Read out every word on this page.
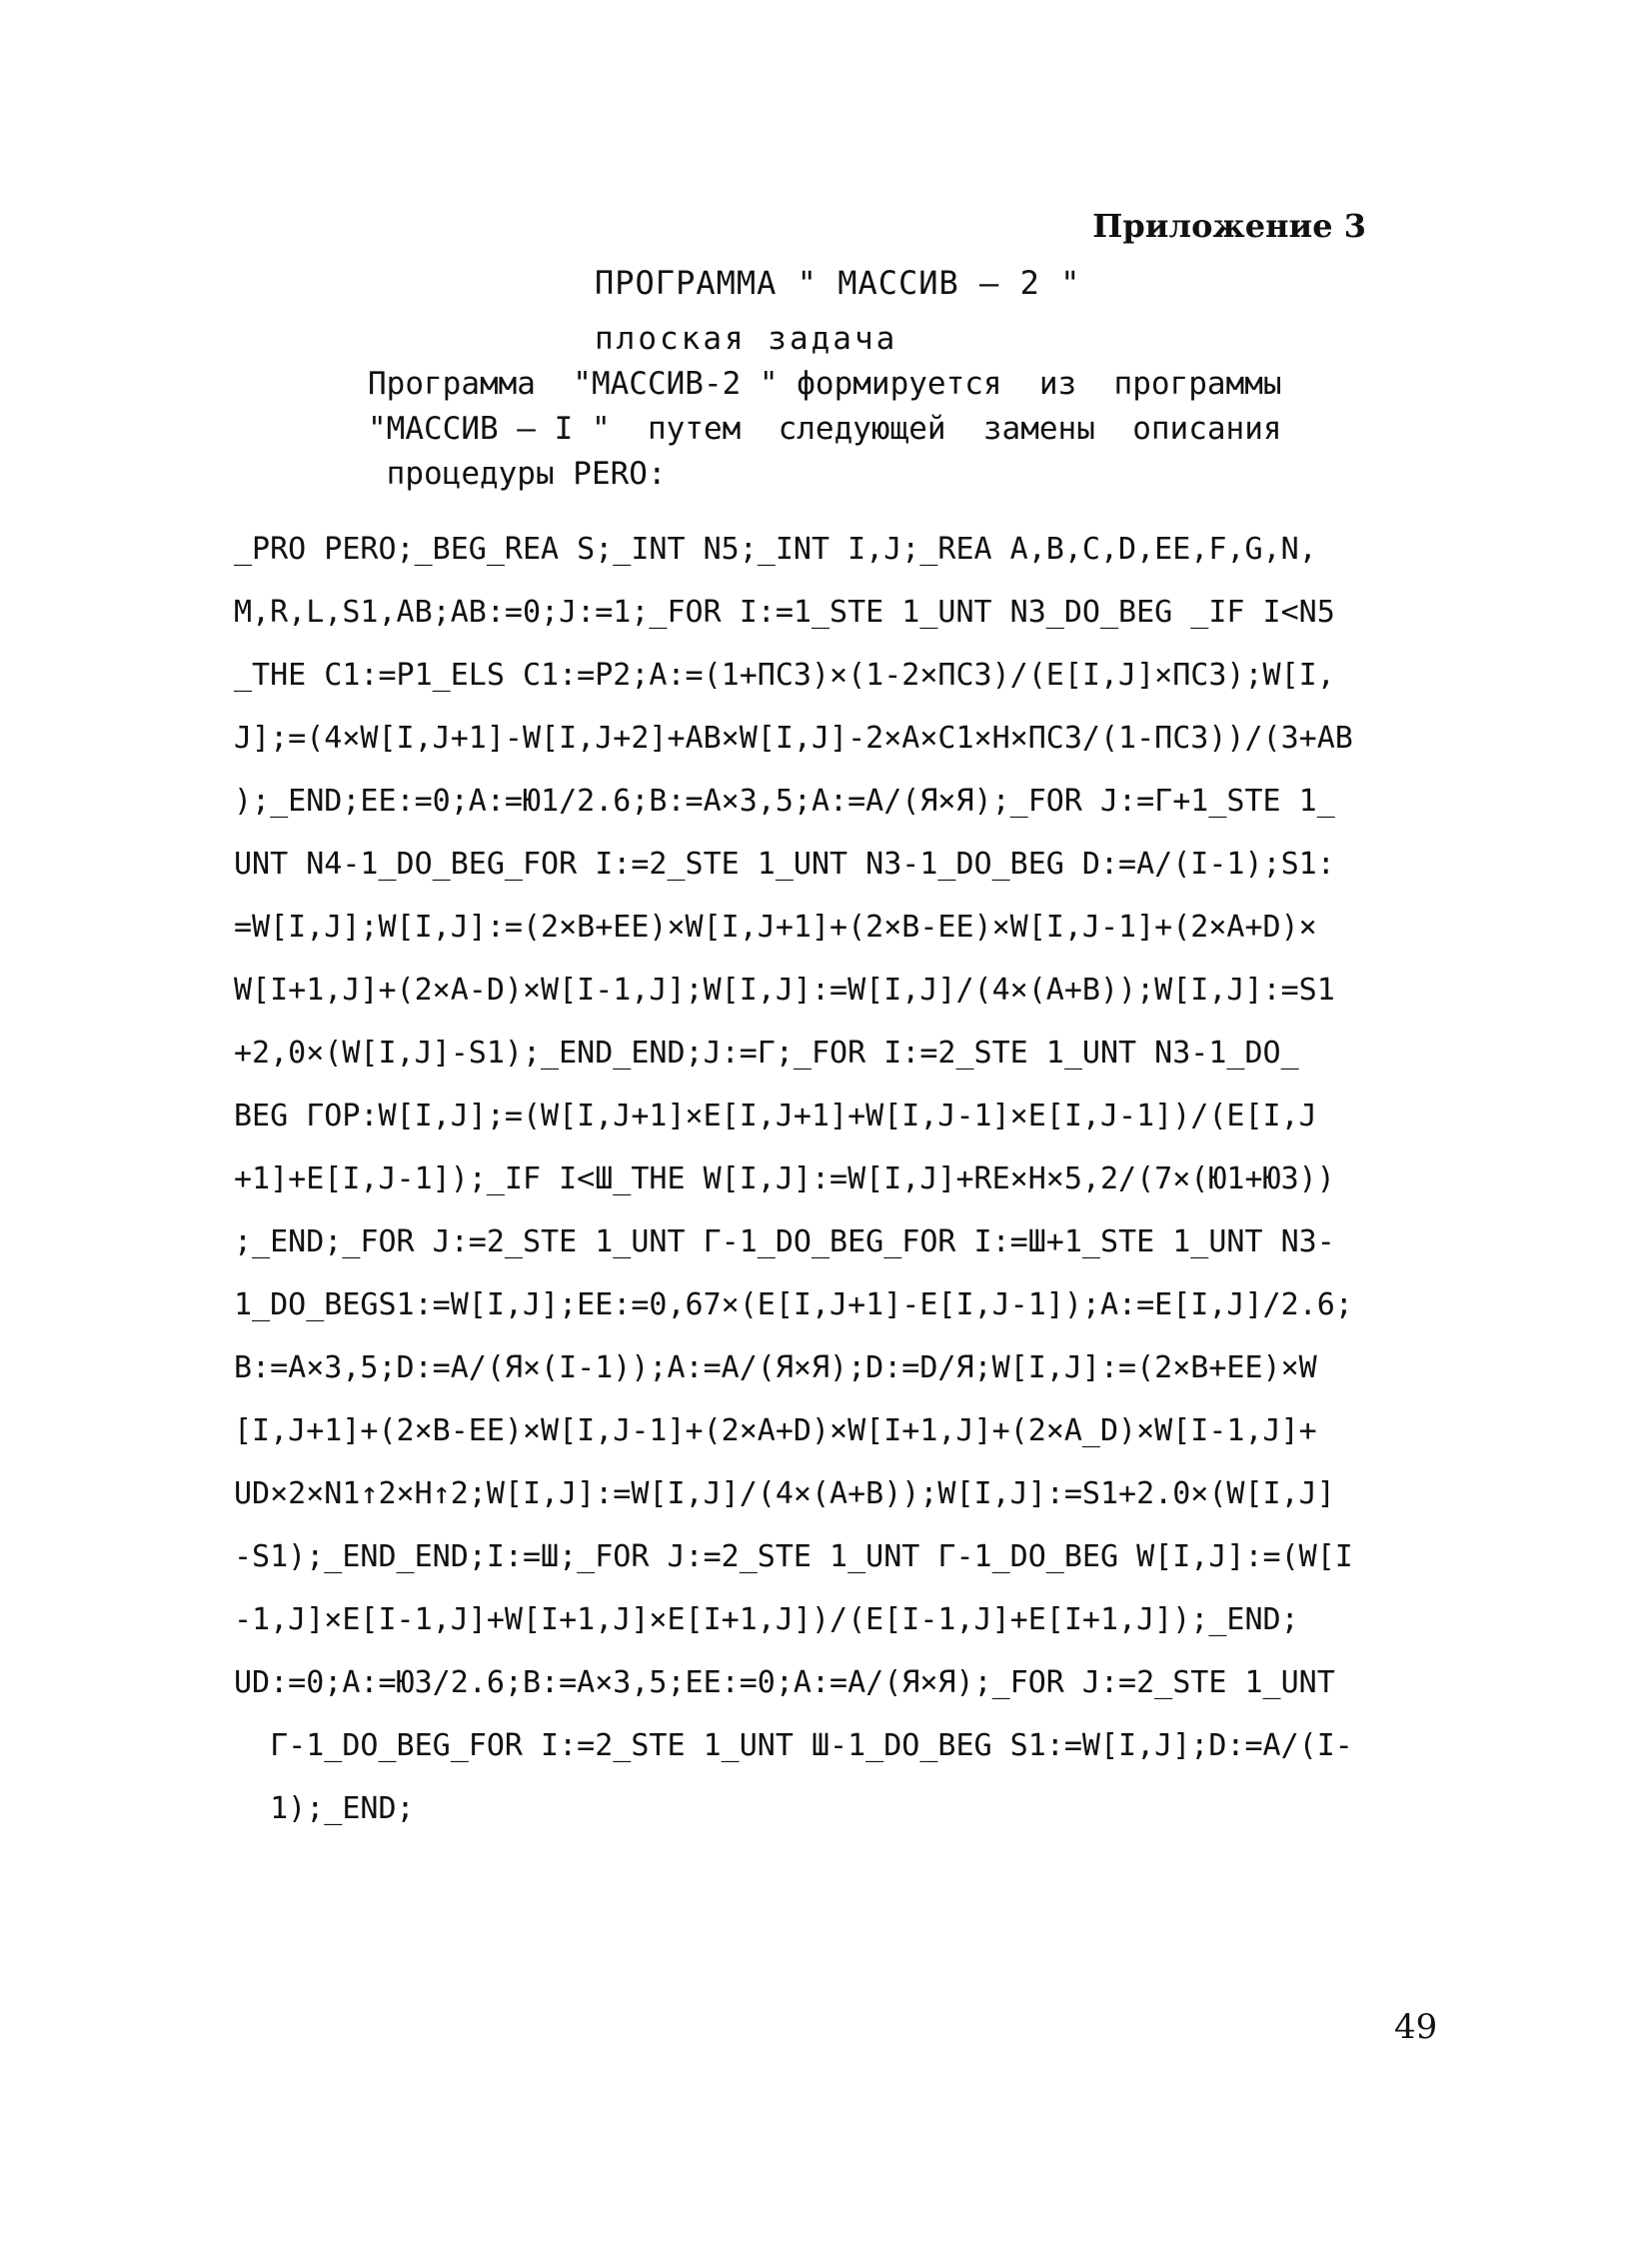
Приложение 3
ПРОГРАММА " МАССИВ — 2 "
плоская задача
Программа  "МАССИВ-2 " формируется  из  программы
"МАССИВ — I "  путем  следующей  замены  описания
процедуры PERO:
_PRO PERO;_BEG_REA S;_INT N5;_INT I,J;_REA A,B,C,D,EE,F,G,N,
M,R,L,S1,AB;AB:=0;J:=1;_FOR I:=1_STE 1_UNT N3_DO_BEG _IF I<N5
_THE C1:=P1_ELS C1:=P2;A:=(1+ПС3)×(1-2×ПС3)/(E[I,J]×ПС3);W[I,
J];=(4×W[I,J+1]-W[I,J+2]+AB×W[I,J]-2×A×C1×H×ПС3/(1-ПС3))/(3+AB
);_END;EE:=0;A:=Ю1/2.6;B:=A×3,5;A:=A/(Я×Я);_FOR J:=Г+1_STE 1_
UNT N4-1_DO_BEG_FOR I:=2_STE 1_UNT N3-1_DO_BEG D:=A/(I-1);S1:
=W[I,J];W[I,J]:=(2×B+EE)×W[I,J+1]+(2×B-EE)×W[I,J-1]+(2×A+D)×
W[I+1,J]+(2×A-D)×W[I-1,J];W[I,J]:=W[I,J]/(4×(A+B));W[I,J]:=S1
+2,0×(W[I,J]-S1);_END_END;J:=Г;_FOR I:=2_STE 1_UNT N3-1_DO_
BEG ГОР:W[I,J];=(W[I,J+1]×E[I,J+1]+W[I,J-1]×E[I,J-1])/(E[I,J
+1]+E[I,J-1]);_IF I<Ш_THE W[I,J]:=W[I,J]+RE×H×5,2/(7×(Ю1+Ю3))
;_END;_FOR J:=2_STE 1_UNT Г-1_DO_BEG_FOR I:=Ш+1_STE 1_UNT N3-
1_DO_BEGS1:=W[I,J];EE:=0,67×(E[I,J+1]-E[I,J-1]);A:=E[I,J]/2.6;
B:=A×3,5;D:=A/(Я×(I-1));A:=A/(Я×Я);D:=D/Я;W[I,J]:=(2×B+EE)×W
[I,J+1]+(2×B-EE)×W[I,J-1]+(2×A+D)×W[I+1,J]+(2×A_D)×W[I-1,J]+
UD×2×N1↑2×H↑2;W[I,J]:=W[I,J]/(4×(A+B));W[I,J]:=S1+2.0×(W[I,J]
-S1);_END_END;I:=Ш;_FOR J:=2_STE 1_UNT Г-1_DO_BEG W[I,J]:=(W[I
-1,J]×E[I-1,J]+W[I+1,J]×E[I+1,J])/(E[I-1,J]+E[I+1,J]);_END;
UD:=0;A:=Ю3/2.6;B:=A×3,5;EE:=0;A:=A/(Я×Я);_FOR J:=2_STE 1_UNT
Г-1_DO_BEG_FOR I:=2_STE 1_UNT Ш-1_DO_BEG S1:=W[I,J];D:=A/(I-
1);_END;
49
